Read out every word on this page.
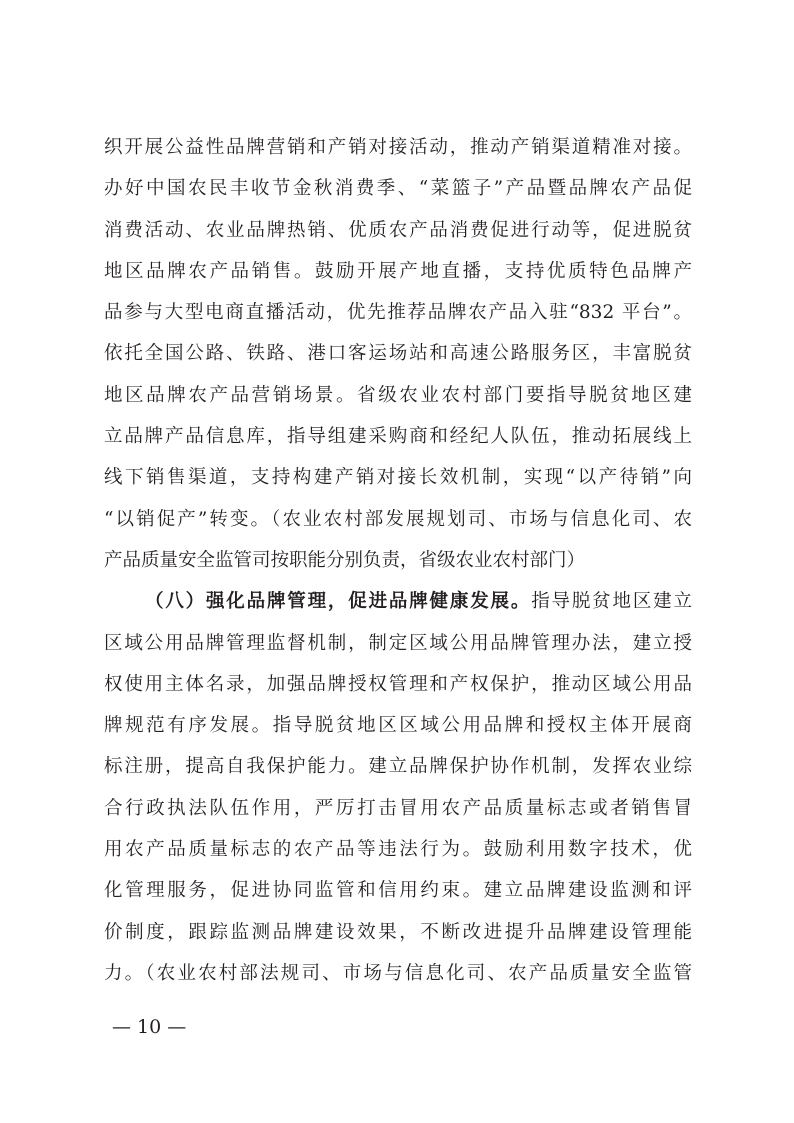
织开展公益性品牌营销和产销对接活动，推动产销渠道精准对接。
办好中国农民丰收节金秋消费季、“菜篮子”产品暨品牌农产品促
消费活动、农业品牌热销、优质农产品消费促进行动等，促进脱贫
地区品牌农产品销售。鼓励开展产地直播，支持优质特色品牌产
品参与大型电商直播活动，优先推荐品牌农产品入驻“832 平台”。
依托全国公路、铁路、港口客运场站和高速公路服务区，丰富脱贫
地区品牌农产品营销场景。省级农业农村部门要指导脱贫地区建
立品牌产品信息库，指导组建采购商和经纪人队伍，推动拓展线上
线下销售渠道，支持构建产销对接长效机制，实现“以产待销”向
“以销促产”转变。（农业农村部发展规划司、市场与信息化司、农
产品质量安全监管司按职能分别负责，省级农业农村部门）
（八）强化品牌管理，促进品牌健康发展。指导脱贫地区建立
区域公用品牌管理监督机制，制定区域公用品牌管理办法，建立授
权使用主体名录，加强品牌授权管理和产权保护，推动区域公用品
牌规范有序发展。指导脱贫地区区域公用品牌和授权主体开展商
标注册，提高自我保护能力。建立品牌保护协作机制，发挥农业综
合行政执法队伍作用，严厉打击冒用农产品质量标志或者销售冒
用农产品质量标志的农产品等违法行为。鼓励利用数字技术，优
化管理服务，促进协同监管和信用约束。建立品牌建设监测和评
价制度，跟踪监测品牌建设效果，不断改进提升品牌建设管理能
力。（农业农村部法规司、市场与信息化司、农产品质量安全监管
— 10 —
